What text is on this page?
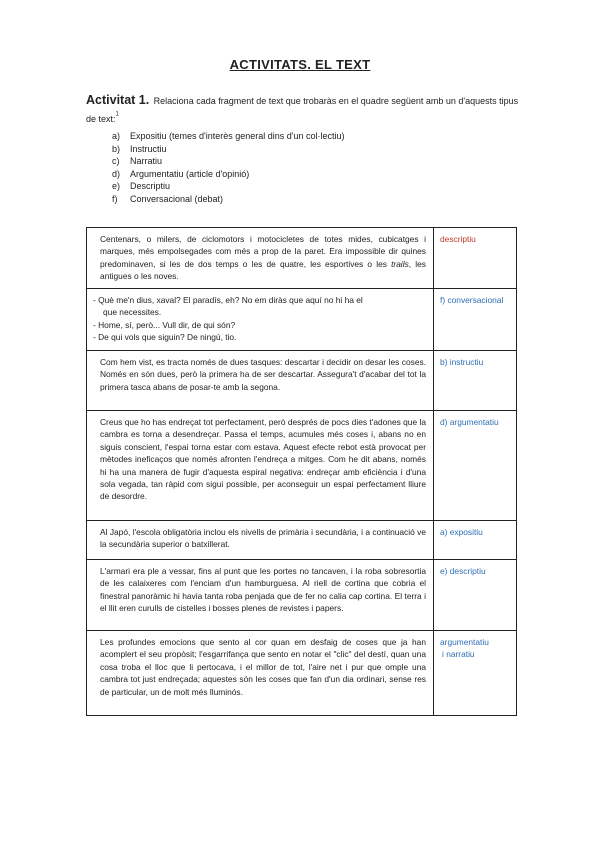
ACTIVITATS. EL TEXT
Activitat 1. Relaciona cada fragment de text que trobaràs en el quadre següent amb un d'aquests tipus de text:$^1$
a) Expositiu (temes d'interès general dins d'un col·lectiu)
b) Instructiu
c) Narratiu
d) Argumentatiu (article d'opinió)
e) Descriptiu
f) Conversacional (debat)
Centenars, o milers, de ciclomotors i motocicletes de totes mides, cubicatges i marques, més empolsegades com més a prop de la paret. Era impossible dir quines predominaven, si les de dos temps o les de quatre, les esportives o les trails, les antigues o les noves.	descriptiu

- Què me'n dius, xaval? El paradís, eh? No em diràs que aquí no hi ha el
que necessites.
- Home, sí, però... Vull dir, de qui són?
- De qui vols que siguin? De ningú, tio.	f) conversacional

Com hem vist, es tracta només de dues tasques: descartar i decidir on desar les coses. Només en són dues, però la primera ha de ser descartar. Assegura't d'acabar del tot la primera tasca abans de posar-te amb la segona.	b) instructiu

Creus que ho has endreçat tot perfectament, però després de pocs dies t'adones que la cambra es torna a desendreçar. Passa el temps, acumules més coses i, abans no en siguis conscient, l'espai torna estar com estava. Aquest efecte rebot està provocat per mètodes ineficaços que només afronten l'endreça a mitges. Com he dit abans, només hi ha una manera de fugir d'aquesta espiral negativa: endreçar amb eficiència i d'una sola vegada, tan ràpid com sigui possible, per aconseguir un espai perfectament lliure de desordre.	d) argumentatiu

Al Japó, l'escola obligatòria inclou els nivells de primària i secundària, i a continuació ve la secundària superior o batxillerat.	a) expositiu

L'armari era ple a vessar, fins al punt que les portes no tancaven, i la roba sobresortia de les calaixeres com l'enciam d'un hamburguesa. Al riell de cortina que cobria el finestral panoràmic hi havia tanta roba penjada que de fer no calia cap cortina. El terra i el llit eren curulls de cistelles i bosses plenes de revistes i papers.	e) descriptiu

Les profundes emocions que sento al cor quan em desfaig de coses que ja han acomplert el seu propòsit; l'esgarrifança que sento en notar el "clic" del destí, quan una cosa troba el lloc que li pertocava, i el millor de tot, l'aire net i pur que omple una cambra tot just endreçada; aquestes són les coses que fan d'un dia ordinari, sense res de particular, un de molt més lluminós.	argumentatiu
i narratiu
